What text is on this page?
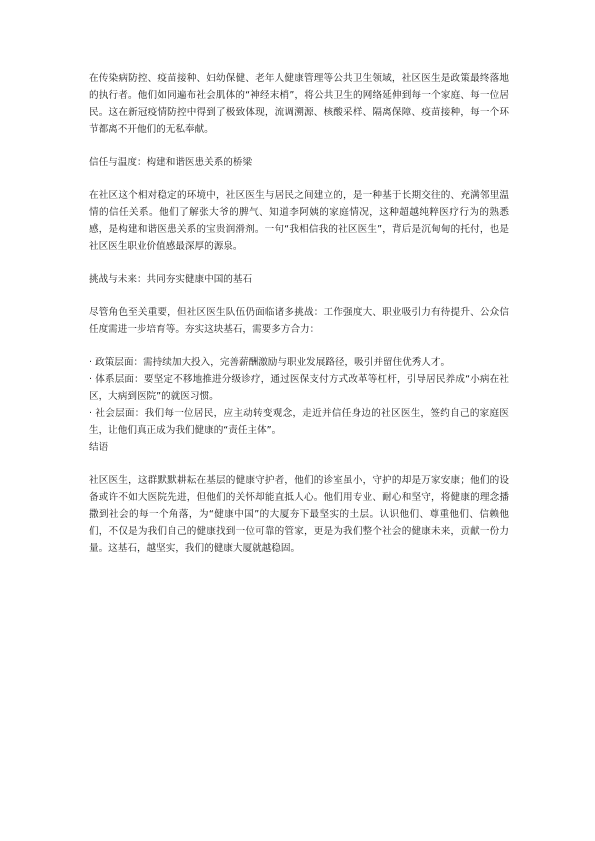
在传染病防控、疫苗接种、妇幼保健、老年人健康管理等公共卫生领域，社区医生是政策最终落地的执行者。他们如同遍布社会肌体的“神经末梢”，将公共卫生的网络延伸到每一个家庭、每一位居民。这在新冠疫情防控中得到了极致体现，流调溯源、核酸采样、隔离保障、疫苗接种，每一个环节都离不开他们的无私奉献。

信任与温度：构建和谐医患关系的桥梁

在社区这个相对稳定的环境中，社区医生与居民之间建立的，是一种基于长期交往的、充满邻里温情的信任关系。他们了解张大爷的脾气、知道李阿姨的家庭情况，这种超越纯粹医疗行为的熟悉感，是构建和谐医患关系的宝贵润滑剂。一句“我相信我的社区医生”，背后是沉甸甸的托付，也是社区医生职业价值感最深厚的源泉。

挑战与未来：共同夯实健康中国的基石

尽管角色至关重要，但社区医生队伍仍面临诸多挑战：工作强度大、职业吸引力有待提升、公众信任度需进一步培育等。夯实这块基石，需要多方合力：

· 政策层面：需持续加大投入，完善薪酬激励与职业发展路径，吸引并留住优秀人才。

· 体系层面：要坚定不移地推进分级诊疗，通过医保支付方式改革等杠杆，引导居民养成“小病在社区，大病到医院”的就医习惯。

· 社会层面：我们每一位居民，应主动转变观念，走近并信任身边的社区医生，签约自己的家庭医生，让他们真正成为我们健康的“责任主体”。

结语

社区医生，这群默默耕耘在基层的健康守护者，他们的诊室虽小，守护的却是万家安康；他们的设备或许不如大医院先进，但他们的关怀却能直抵人心。他们用专业、耐心和坚守，将健康的理念播撒到社会的每一个角落，为“健康中国”的大厦夯下最坚实的土层。认识他们、尊重他们、信赖他们，不仅是为我们自己的健康找到一位可靠的管家，更是为我们整个社会的健康未来，贡献一份力量。这基石，越坚实，我们的健康大厦就越稳固。
